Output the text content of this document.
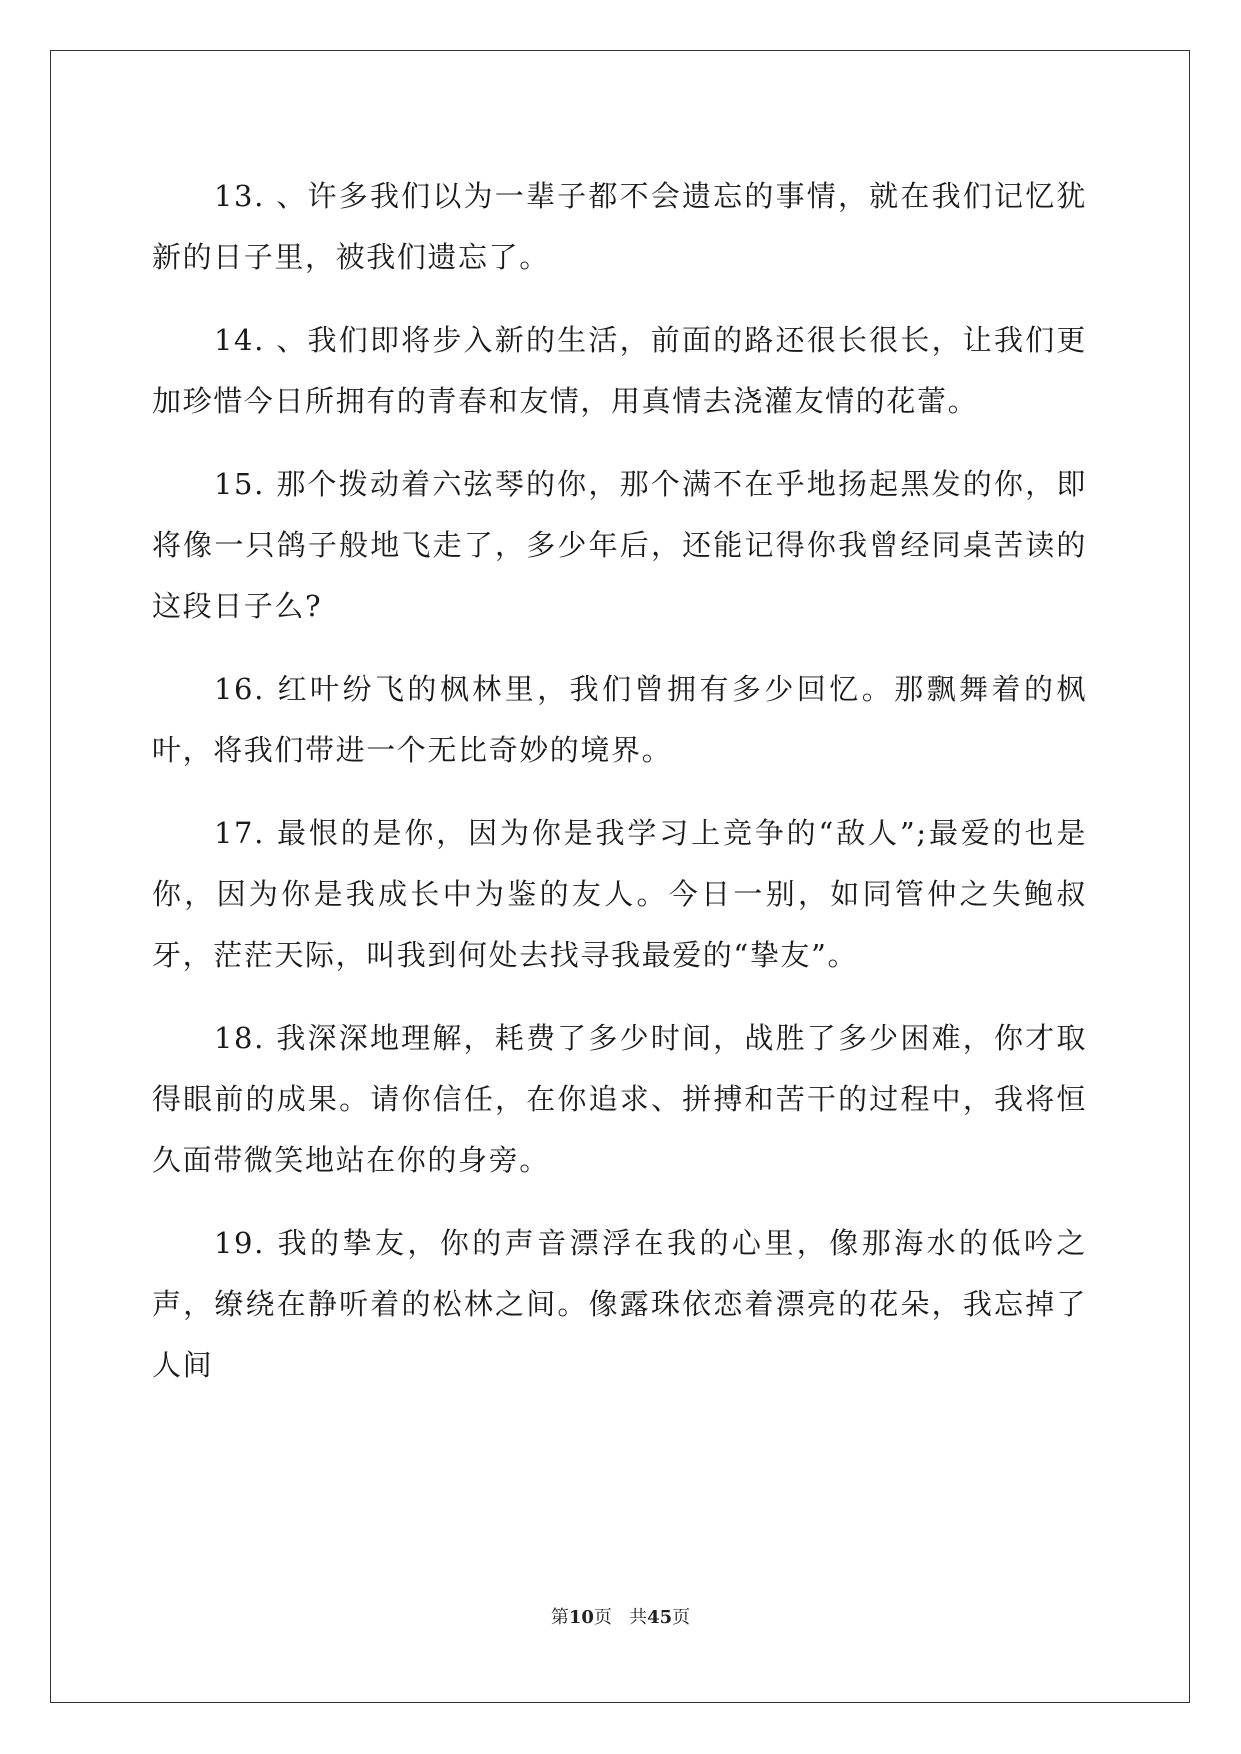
13. 、许多我们以为一辈子都不会遗忘的事情，就在我们记忆犹新的日子里，被我们遗忘了。

14. 、我们即将步入新的生活，前面的路还很长很长，让我们更加珍惜今日所拥有的青春和友情，用真情去浇灌友情的花蕾。

15. 那个拨动着六弦琴的你，那个满不在乎地扬起黑发的你，即将像一只鸽子般地飞走了，多少年后，还能记得你我曾经同桌苦读的这段日子么?

16. 红叶纷飞的枫林里，我们曾拥有多少回忆。那飘舞着的枫叶，将我们带进一个无比奇妙的境界。

17. 最恨的是你，因为你是我学习上竞争的“敌人”;最爱的也是你，因为你是我成长中为鉴的友人。今日一别，如同管仲之失鲍叔牙，茫茫天际，叫我到何处去找寻我最爱的“挚友”。

18. 我深深地理解，耗费了多少时间，战胜了多少困难，你才取得眼前的成果。请你信任，在你追求、拼搏和苦干的过程中，我将恒久面带微笑地站在你的身旁。

19. 我的挚友，你的声音漂浮在我的心里，像那海水的低吟之声，缭绕在静听着的松林之间。像露珠依恋着漂亮的花朵，我忘掉了人间

第10页 共45页
